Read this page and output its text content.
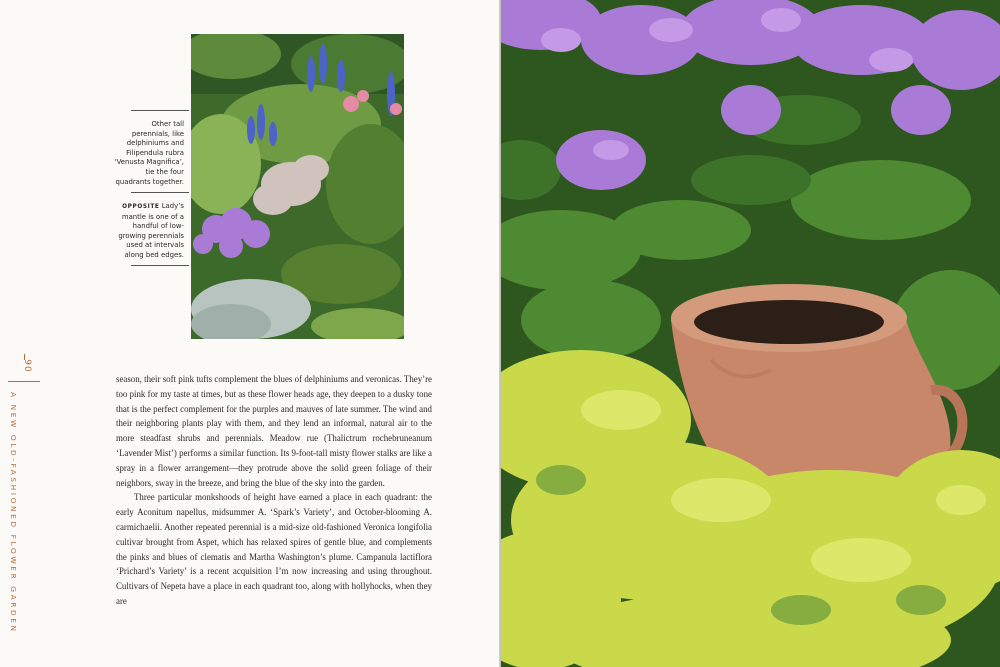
Other tall perennials, like delphiniums and Filipendula rubra ‘Venusta Magnifica’, tie the four quadrants together.
OPPOSITE Lady’s mantle is one of a handful of low-growing perennials used at intervals along bed edges.
90
A NEW OLD-FASHIONED FLOWER GARDEN

season, their soft pink tufts complement the blues of delphiniums and veronicas. They’re too pink for my taste at times, but as these flower heads age, they deepen to a dusky tone that is the perfect complement for the purples and mauves of late summer. The wind and their neighboring plants play with them, and they lend an informal, natural air to the more steadfast shrubs and perennials. Meadow rue (Thalictrum rochebruneanum ‘Lavender Mist’) performs a similar function. Its 9-foot-tall misty flower stalks are like a spray in a flower arrangement—they protrude above the solid green foliage of their neighbors, sway in the breeze, and bring the blue of the sky into the garden.

Three particular monkshoods of height have earned a place in each quadrant: the early Aconitum napellus, midsummer A. ‘Spark’s Variety’, and October-blooming A. carmichaelii. Another repeated perennial is a mid-size old-fashioned Veronica longifolia cultivar brought from Aspet, which has relaxed spires of gentle blue, and complements the pinks and blues of clematis and Martha Washington’s plume. Campanula lactiflora ‘Prichard’s Variety’ is a recent acquisition I’m now increasing and using throughout. Cultivars of Nepeta have a place in each quadrant too, along with hollyhocks, when they are
